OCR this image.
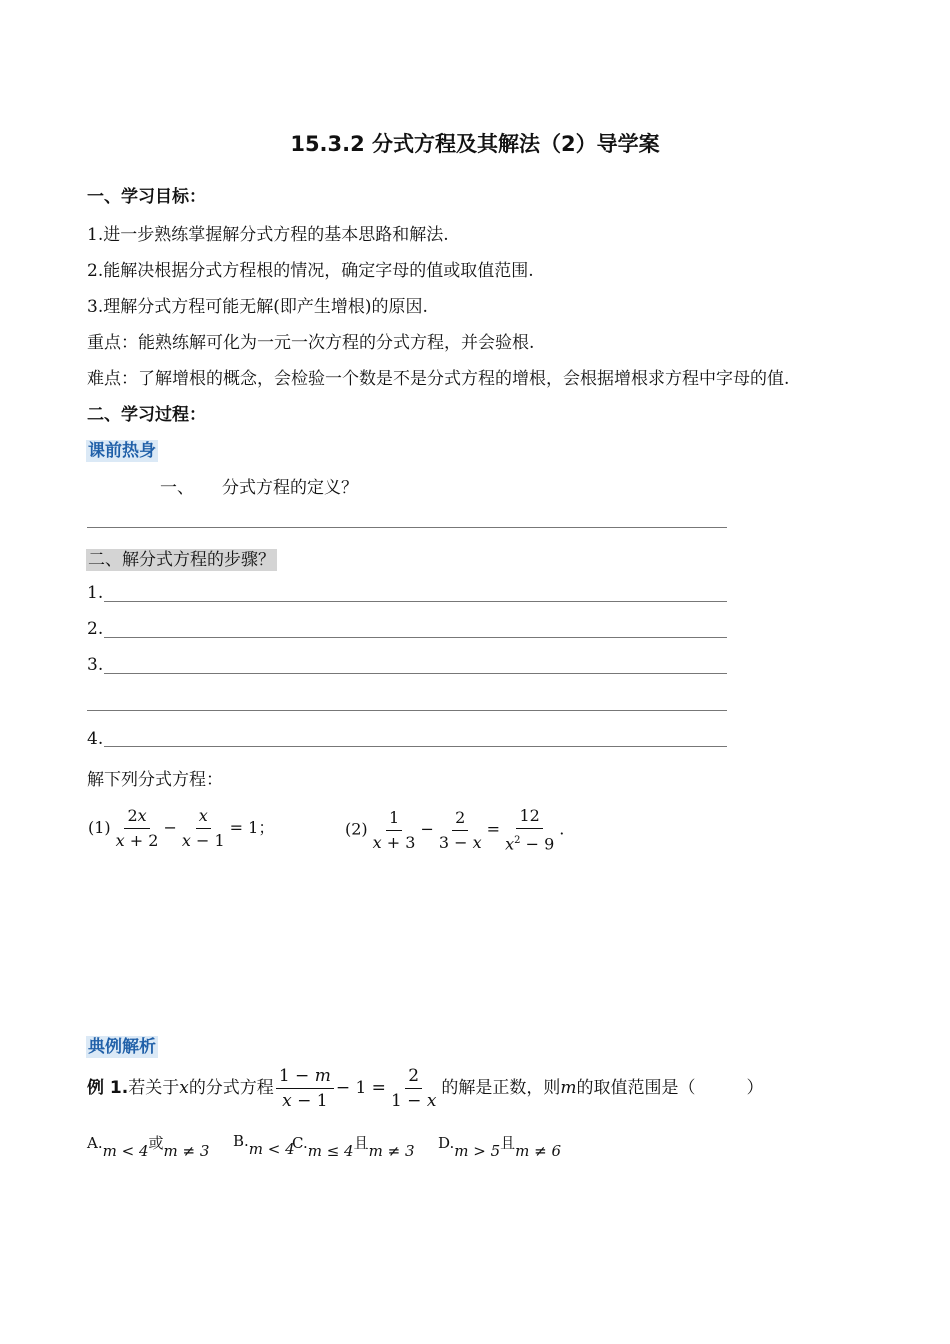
15.3.2 分式方程及其解法（2）导学案
一、学习目标：
1.进一步熟练掌握解分式方程的基本思路和解法.
2.能解决根据分式方程根的情况，确定字母的值或取值范围.
3.理解分式方程可能无解(即产生增根)的原因.
重点：能熟练解可化为一元一次方程的分式方程，并会验根.
难点：了解增根的概念，会检验一个数是不是分式方程的增根，会根据增根求方程中字母的值.
二、学习过程：
课前热身
一、 分式方程的定义？
二、解分式方程的步骤？
1.
2.
3.
4.
解下列分式方程：
$(1) \frac{2x}{x + 2} - \frac{x}{x - 1} = 1$；	$(2) \frac{1}{x + 3} - \frac{2}{3 - x} = \frac{12}{x^2 - 9}$ .
典例解析
例 1.若关于x的分式方程 $\frac{1 - m}{x - 1} - 1 = \frac{2}{1 - x}$ 的解是正数，则m的取值范围是（　　　）
A.m < 4或m ≠ 3
B.m < 4
C.m ≤ 4且m ≠ 3 D.m > 5且m ≠ 6
